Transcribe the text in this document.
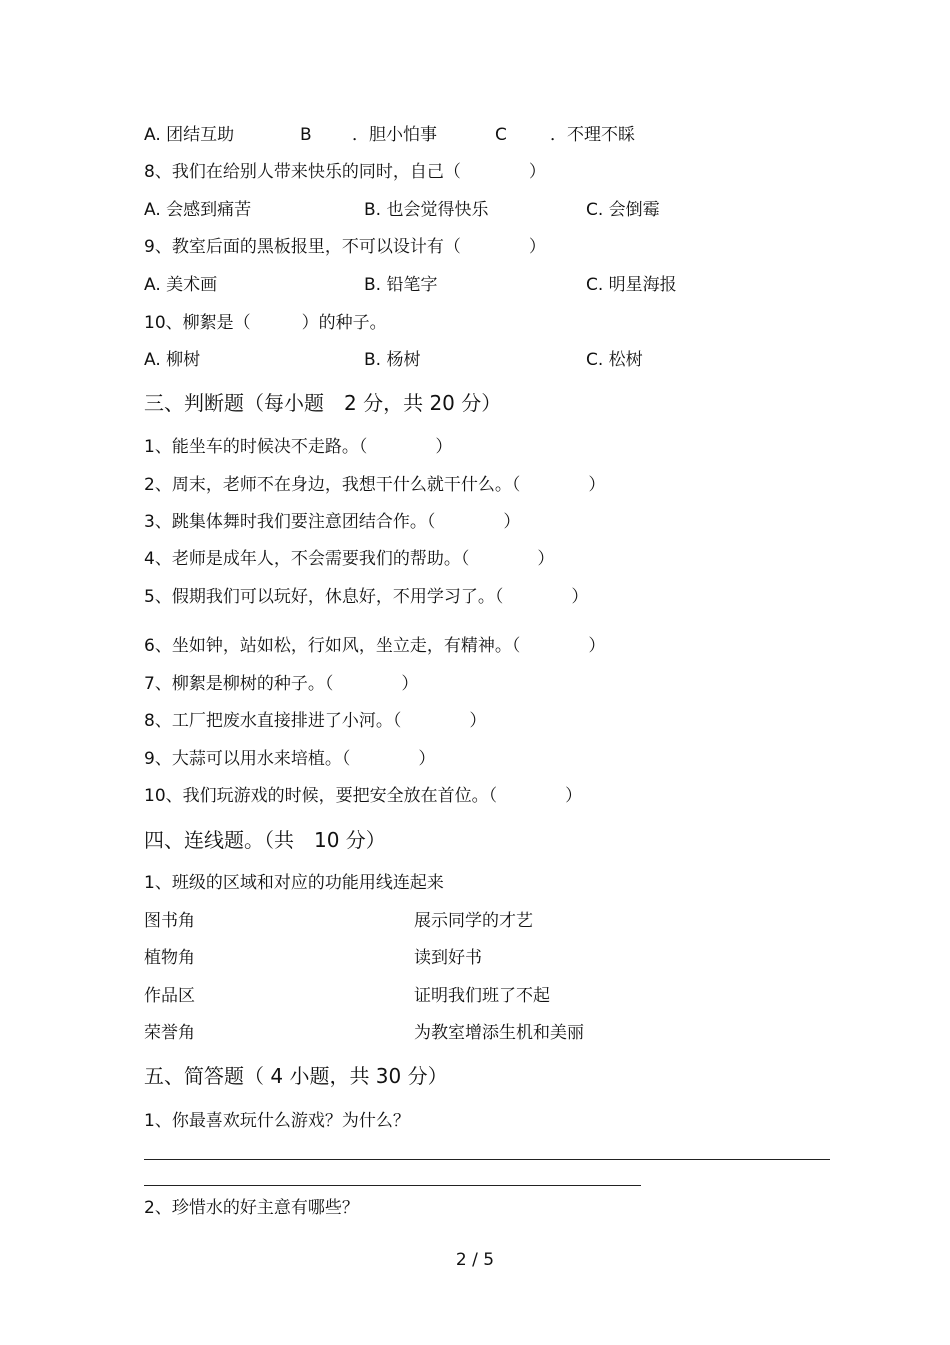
A. 团结互助	B ．胆小怕事	C	．不理不睬
8、我们在给别人带来快乐的同时，自己（　　　　）
A. 会感到痛苦	B. 也会觉得快乐	C. 会倒霉
9、教室后面的黑板报里，不可以设计有（　　　　）
A. 美术画	B. 铅笔字	C. 明星海报
10、柳絮是（　　　）的种子。
A. 柳树	B. 杨树	C. 松树
三、判断题（每小题　2 分，共 20 分）
1、能坐车的时候决不走路。（　　　　）
2、周末，老师不在身边，我想干什么就干什么。（　　　　）
3、跳集体舞时我们要注意团结合作。（　　　　）
4、老师是成年人，不会需要我们的帮助。（　　　　）
5、假期我们可以玩好，休息好，不用学习了。（　　　　）
6、坐如钟，站如松，行如风，坐立走，有精神。（　　　　）
7、柳絮是柳树的种子。（　　　　）
8、工厂把废水直接排进了小河。（　　　　）
9、大蒜可以用水来培植。（　　　　）
10、我们玩游戏的时候，要把安全放在首位。（　　　　）
四、连线题。（共　10 分）
1、班级的区域和对应的功能用线连起来
图书角	展示同学的才艺
植物角	读到好书
作品区	证明我们班了不起
荣誉角	为教室增添生机和美丽
五、简答题（ 4 小题，共 30 分）
1、你最喜欢玩什么游戏？为什么？
2、珍惜水的好主意有哪些？
2 / 5
